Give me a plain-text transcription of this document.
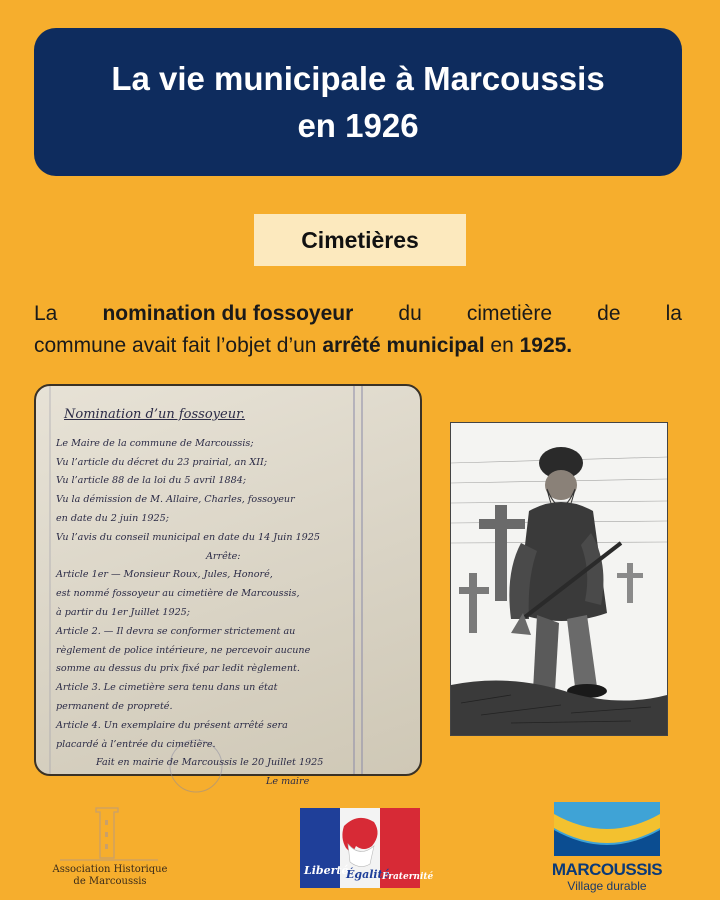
La vie municipale à Marcoussis
en 1926
Cimetières
La nomination du fossoyeur du cimetière de la
commune avait fait l’objet d’un arrêté municipal en 1925.
Nomination d’un fossoyeur.
Le Maire de la commune de Marcoussis;
Vu l’article du décret du 23 prairial, an XII;
Vu l’article 88 de la loi du 5 avril 1884;
Vu la démission de M. Allaire, Charles, fossoyeur
en date du 2 juin 1925;
Vu l’avis du conseil municipal en date du 14 Juin 1925
Arrête:
Article 1er — Monsieur Roux, Jules, Honoré,
est nommé fossoyeur au cimetière de Marcoussis,
à partir du 1er Juillet 1925;
Article 2. — Il devra se conformer strictement au
règlement de police intérieure, ne percevoir aucune
somme au dessus du prix fixé par ledit règlement.
Article 3. Le cimetière sera tenu dans un état
permanent de propreté.
Article 4. Un exemplaire du présent arrêté sera
placardé à l’entrée du cimetière.
Fait en mairie de Marcoussis le 20 Juillet 1925
Le maire
Association Historique
de Marcoussis
Liberté
Égalité
Fraternité	MARCOUSSIS
Village durable
